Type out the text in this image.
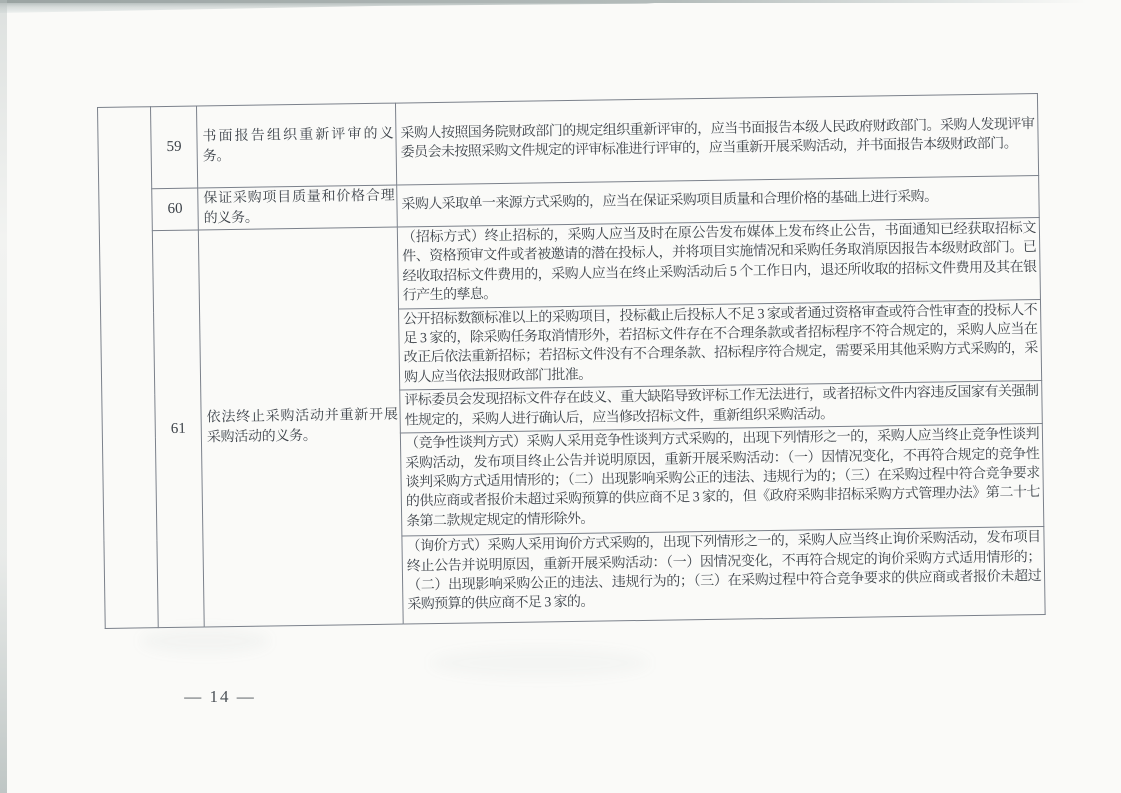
	59	书面报告组织重新评审的义务。	采购人按照国务院财政部门的规定组织重新评审的，应当书面报告本级人民政府财政部门。采购人发现评审委员会未按照采购文件规定的评审标准进行评审的，应当重新开展采购活动，并书面报告本级财政部门。
	60	保证采购项目质量和价格合理的义务。	采购人采取单一来源方式采购的，应当在保证采购项目质量和合理价格的基础上进行采购。
	61	依法终止采购活动并重新开展采购活动的义务。	（招标方式）终止招标的，采购人应当及时在原公告发布媒体上发布终止公告，书面通知已经获取招标文件、资格预审文件或者被邀请的潜在投标人，并将项目实施情况和采购任务取消原因报告本级财政部门。已经收取招标文件费用的，采购人应当在终止采购活动后 5 个工作日内，退还所收取的招标文件费用及其在银行产生的孳息。
			公开招标数额标准以上的采购项目，投标截止后投标人不足 3 家或者通过资格审查或符合性审查的投标人不足 3 家的，除采购任务取消情形外，若招标文件存在不合理条款或者招标程序不符合规定的，采购人应当在改正后依法重新招标；若招标文件没有不合理条款、招标程序符合规定，需要采用其他采购方式采购的，采购人应当依法报财政部门批准。
			评标委员会发现招标文件存在歧义、重大缺陷导致评标工作无法进行，或者招标文件内容违反国家有关强制性规定的，采购人进行确认后，应当修改招标文件，重新组织采购活动。
			（竞争性谈判方式）采购人采用竞争性谈判方式采购的，出现下列情形之一的，采购人应当终止竞争性谈判采购活动，发布项目终止公告并说明原因，重新开展采购活动：（一）因情况变化，不再符合规定的竞争性谈判采购方式适用情形的；（二）出现影响采购公正的违法、违规行为的；（三）在采购过程中符合竞争要求的供应商或者报价未超过采购预算的供应商不足 3 家的，但《政府采购非招标采购方式管理办法》第二十七条第二款规定规定的情形除外。
			（询价方式）采购人采用询价方式采购的，出现下列情形之一的，采购人应当终止询价采购活动，发布项目终止公告并说明原因，重新开展采购活动：（一）因情况变化，不再符合规定的询价采购方式适用情形的；（二）出现影响采购公正的违法、违规行为的；（三）在采购过程中符合竞争要求的供应商或者报价未超过采购预算的供应商不足 3 家的。
— 14 —
